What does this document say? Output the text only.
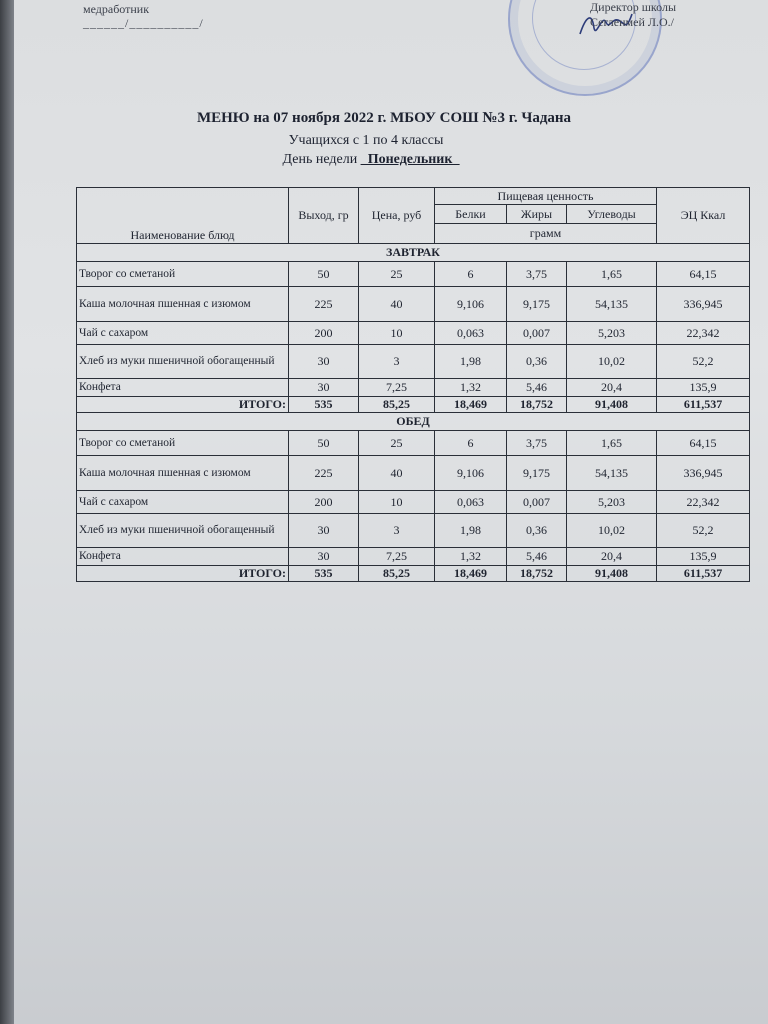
медработник

______/__________/
Директор школы
Сегленмей Л.О./
МЕНЮ на 07 ноября 2022 г. МБОУ СОШ №3 г. Чадана
Учащихся с 1 по 4 классы
День недели _Понедельник_
Наименование блюд	Выход, гр	Цена, руб	Пищевая ценность			ЭЦ Ккал
			Белки	Жиры	Углеводы	
			грамм			
ЗАВТРАК						
Творог со сметаной	50	25	6	3,75	1,65	64,15
Каша молочная пшенная с изюмом	225	40	9,106	9,175	54,135	336,945
Чай с сахаром	200	10	0,063	0,007	5,203	22,342
Хлеб из муки пшеничной обогащенный	30	3	1,98	0,36	10,02	52,2
Конфета	30	7,25	1,32	5,46	20,4	135,9
ИТОГО:	535	85,25	18,469	18,752	91,408	611,537
ОБЕД						
Творог со сметаной	50	25	6	3,75	1,65	64,15
Каша молочная пшенная с изюмом	225	40	9,106	9,175	54,135	336,945
Чай с сахаром	200	10	0,063	0,007	5,203	22,342
Хлеб из муки пшеничной обогащенный	30	3	1,98	0,36	10,02	52,2
Конфета	30	7,25	1,32	5,46	20,4	135,9
ИТОГО:	535	85,25	18,469	18,752	91,408	611,537
